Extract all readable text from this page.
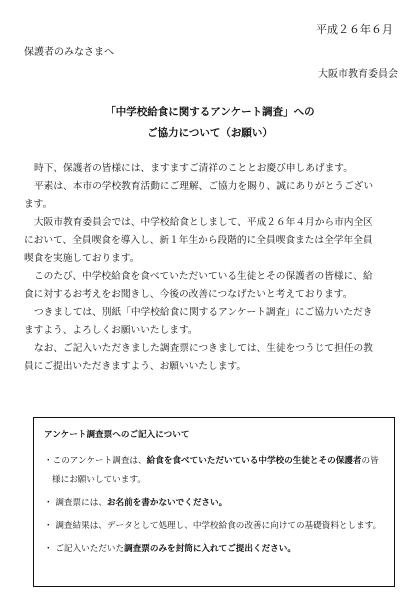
平成２６年６月
保護者のみなさまへ
大阪市教育委員会
「中学校給食に関するアンケート調査」への
ご協力について（お願い）

時下、保護者の皆様には、ますますご清祥のこととお慶び申しあげます。

平素は、本市の学校教育活動にご理解、ご協力を賜り、誠にありがとうござい

ます。

大阪市教育委員会では、中学校給食としまして、平成２６年４月から市内全区

において、全員喫食を導入し、新１年生から段階的に全員喫食または全学年全員

喫食を実施しております。

このたび、中学校給食を食べていただいている生徒とその保護者の皆様に、給

食に対するお考えをお聞きし、今後の改善につなげたいと考えております。

つきましては、別紙「中学校給食に関するアンケート調査」にご協力いただき

ますよう、よろしくお願いいたします。

なお、ご記入いただきました調査票につきましては、生徒をつうじて担任の教

員にご提出いただきますよう、お願いいたします。

アンケート調査票へのご記入について
・このアンケート調査は、給食を食べていただいている中学校の生徒とその保護者の皆
様にお願いしています。
・ 調査票には、お名前を書かないでください。
・ 調査結果は、データとして処理し、中学校給食の改善に向けての基礎資料とします。
・ ご記入いただいた調査票のみを封筒に入れてご提出ください。
